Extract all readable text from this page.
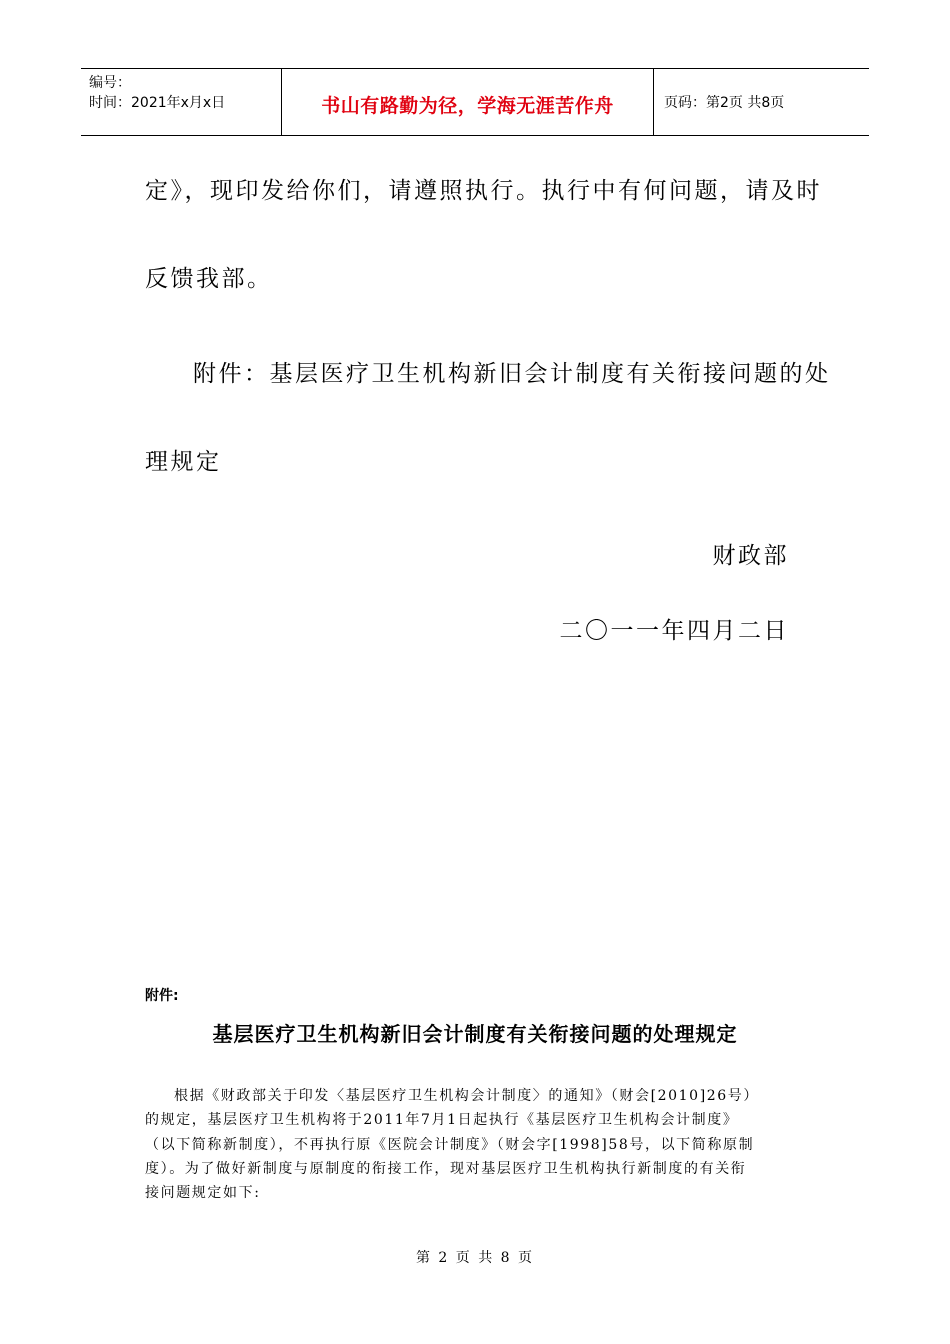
编号：
时间：2021年x月x日	书山有路勤为径，学海无涯苦作舟	页码：第2页 共8页
定》，现印发给你们，请遵照执行。执行中有何问题，请及时
反馈我部。
附件：基层医疗卫生机构新旧会计制度有关衔接问题的处
理规定
财政部
二〇一一年四月二日
附件:
基层医疗卫生机构新旧会计制度有关衔接问题的处理规定
根据《财政部关于印发〈基层医疗卫生机构会计制度〉的通知》（财会[2010]26号）
的规定，基层医疗卫生机构将于2011年7月1日起执行《基层医疗卫生机构会计制度》
（以下简称新制度），不再执行原《医院会计制度》（财会字[1998]58号，以下简称原制
度）。为了做好新制度与原制度的衔接工作，现对基层医疗卫生机构执行新制度的有关衔
接问题规定如下:
第 2 页 共 8 页
